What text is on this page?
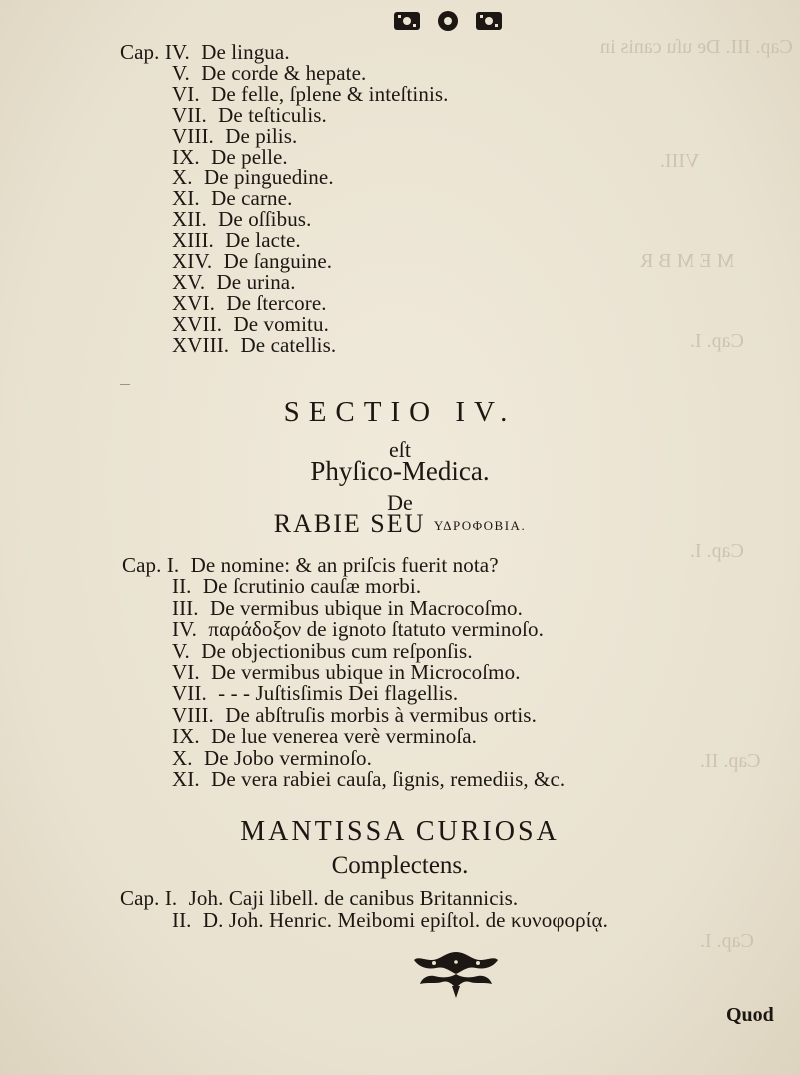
Cap. III. De uſu canis in
VIII.
M E M B R
Cap. I.
Cap. I.
Cap. II.
Cap. I.
Cap. IV. De lingua.
V. De corde & hepate.
VI. De felle, ſplene & inteſtinis.
VII. De teſticulis.
VIII. De pilis.
IX. De pelle.
X. De pinguedine.
XI. De carne.
XII. De oſſibus.
XIII. De lacte.
XIV. De ſanguine.
XV. De urina.
XVI. De ſtercore.
XVII. De vomitu.
XVIII. De catellis.
SECTIO IV.
eſt
Phyſico-Medica.
De
RABIE SEU ΥΔΡΟΦΟΒΙΑ.
Cap. I. De nomine: & an priſcis fuerit nota?
II. De ſcrutinio cauſæ morbi.
III. De vermibus ubique in Macrocoſmo.
IV. παράδοξον de ignoto ſtatuto verminoſo.
V. De objectionibus cum reſponſis.
VI. De vermibus ubique in Microcoſmo.
VII. - - - Juſtisſimis Dei flagellis.
VIII. De abſtruſis morbis à vermibus ortis.
IX. De lue venerea verè verminoſa.
X. De Jobo verminoſo.
XI. De vera rabiei cauſa, ſignis, remediis, &c.
MANTISSA CURIOSA
Complectens.
Cap. I. Joh. Caji libell. de canibus Britannicis.
II. D. Joh. Henric. Meibomi epiſtol. de κυνοφορίᾳ.
Quod
